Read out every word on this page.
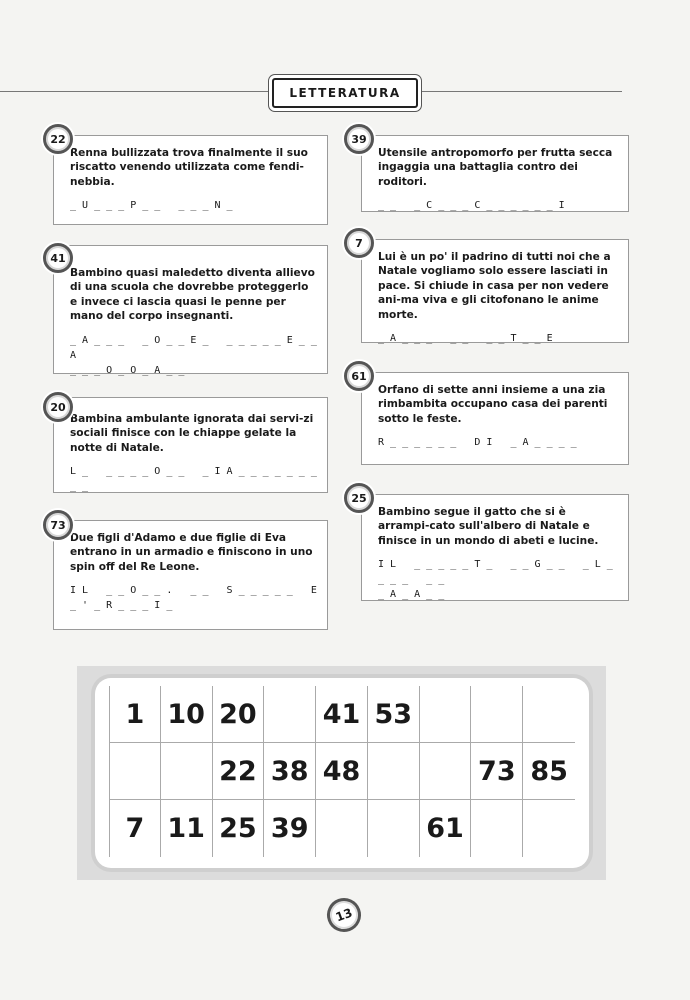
LETTERATURA
Renna bullizzata trova finalmente il suo riscatto venendo utilizzata come fendi-nebbia.
_ U _ _ _ P _ _   _ _ _ N _
22
Bambino quasi maledetto diventa allievo di una scuola che dovrebbe proteggerlo e invece ci lascia quasi le penne per mano del corpo insegnanti.
_ A _ _ _   _ O _ _ E _   _ _ _ _ _ E _ _ A
_ _ _ O _ O _ A _ _
41
Bambina ambulante ignorata dai servi-zi sociali finisce con le chiappe gelate la notte di Natale.
L _   _ _ _ _ O _ _   _ I A _ _ _ _ _ _ _ _ _
20
Due figli d'Adamo e due figlie di Eva entrano in un armadio e finiscono in uno spin off del Re Leone.
I L   _ _ O _ _ .   _ _   S _ _ _ _ _   E
_ ' _ R _ _ _ I _
73
Utensile antropomorfo per frutta secca ingaggia una battaglia contro dei roditori.
_ _   _ C _ _ _ C _ _ _ _ _ _ I
39
Lui è un po' il padrino di tutti noi che a Natale vogliamo solo essere lasciati in pace. Si chiude in casa per non vedere ani-ma viva e gli citofonano le anime morte.
_ A _ _ _   _ _   _ _ T _ _ E
7
Orfano di sette anni insieme a una zia rimbambita occupano casa dei parenti sotto le feste.
R _ _ _ _ _ _   D I   _ A _ _ _ _
61
Bambino segue il gatto che si è arrampi-cato sull'albero di Natale e finisce in un mondo di abeti e lucine.
I L   _ _ _ _ _ T _   _ _ G _ _   _ L _ _ _ _   _ _
_ A _ A _ _
25
1 10 20 41 53
22 38 48	73 85
7 11 25 39	61
13
